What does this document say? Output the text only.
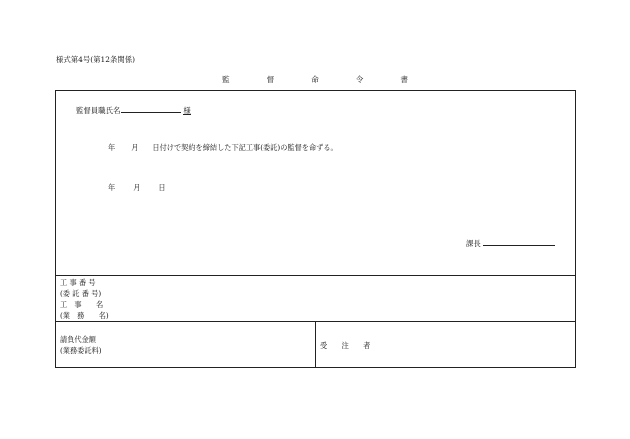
様式第4号(第12条関係)
監	督	命	令	書
監督員職氏名	様
年 月 日付けで契約を締結した下記工事(委託)の監督を命ずる。
年	月	日
課長
工 事 番 号
(委 託 番 号)
工　事　　名
(業　務　　名)
請負代金額
(業務委託料)
受　　注　　者
